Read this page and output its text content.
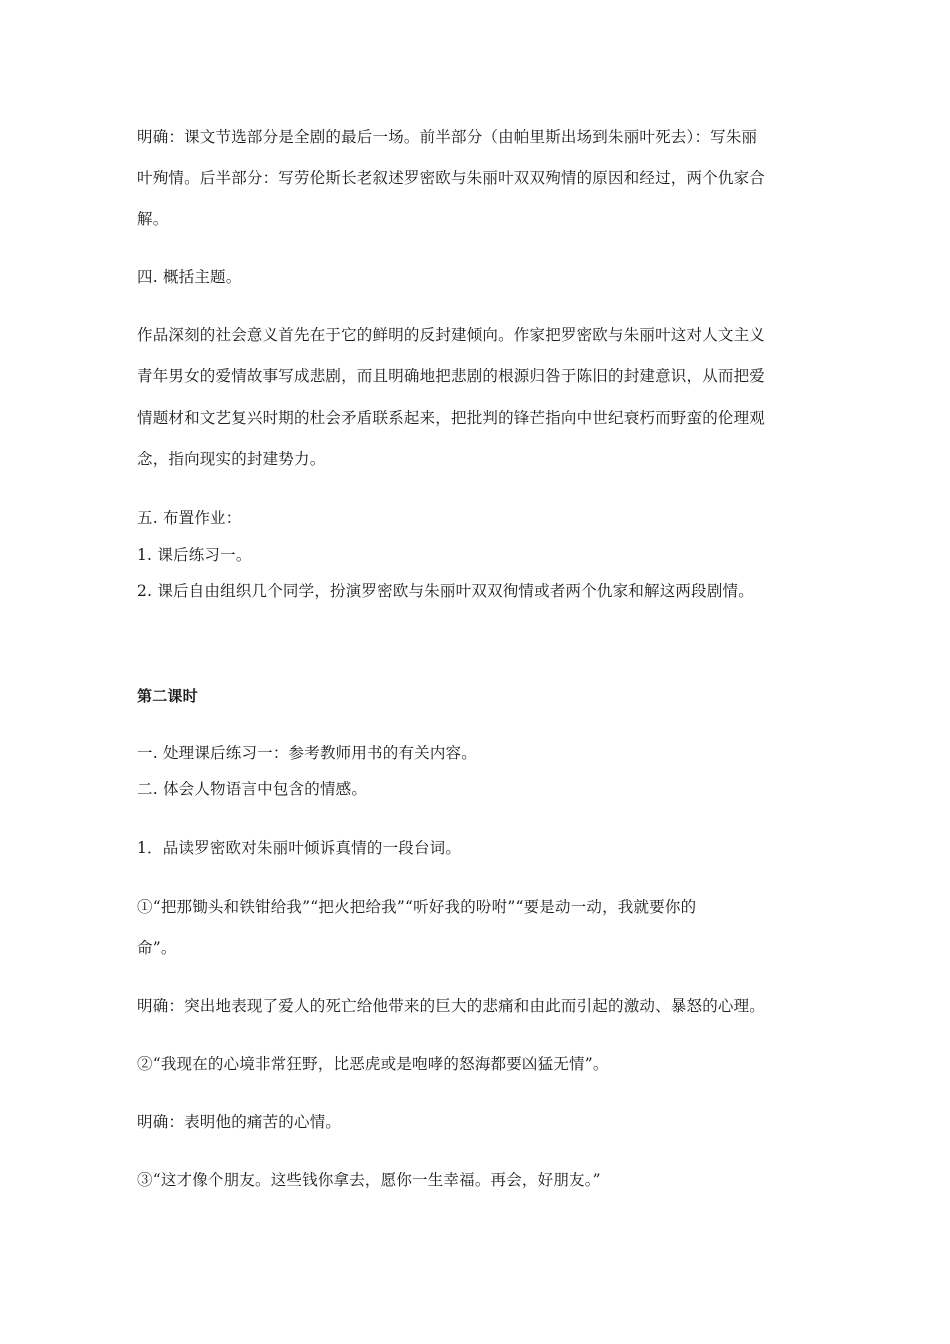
明确：课文节选部分是全剧的最后一场。前半部分（由帕里斯出场到朱丽叶死去）：写朱丽
叶殉情。后半部分：写劳伦斯长老叙述罗密欧与朱丽叶双双殉情的原因和经过，两个仇家合
解。
四. 概括主题。
作品深刻的社会意义首先在于它的鲜明的反封建倾向。作家把罗密欧与朱丽叶这对人文主义
青年男女的爱情故事写成悲剧，而且明确地把悲剧的根源归咎于陈旧的封建意识，从而把爱
情题材和文艺复兴时期的杜会矛盾联系起来，把批判的锋芒指向中世纪衰朽而野蛮的伦理观
念，指向现实的封建势力。
五. 布置作业：
1. 课后练习一。
2. 课后自由组织几个同学，扮演罗密欧与朱丽叶双双徇情或者两个仇家和解这两段剧情。
第二课时
一. 处理课后练习一：参考教师用书的有关内容。
二. 体会人物语言中包含的情感。
1．品读罗密欧对朱丽叶倾诉真情的一段台词。
①“把那锄头和铁钳给我”“把火把给我”“听好我的吩咐”“要是动一动，我就要你的
命”。
明确：突出地表现了爱人的死亡给他带来的巨大的悲痛和由此而引起的激动、暴怒的心理。
②“我现在的心境非常狂野，比恶虎或是咆哮的怒海都要凶猛无情”。
明确：表明他的痛苦的心情。
③“这才像个朋友。这些钱你拿去，愿你一生幸福。再会，好朋友。”
